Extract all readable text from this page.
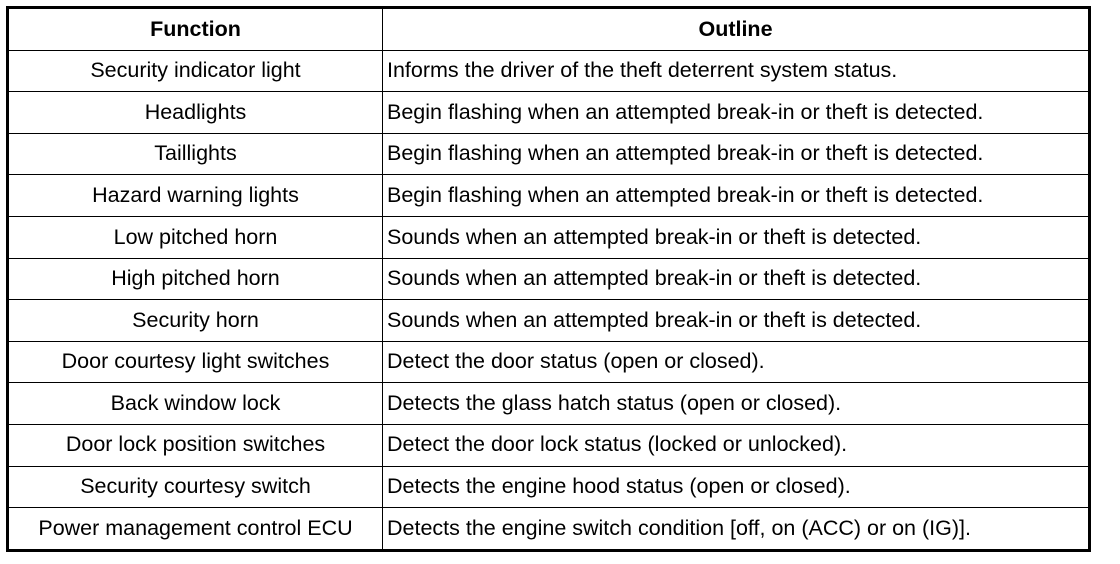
Function	Outline
Security indicator light	Informs the driver of the theft deterrent system status.
Headlights	Begin flashing when an attempted break-in or theft is detected.
Taillights	Begin flashing when an attempted break-in or theft is detected.
Hazard warning lights	Begin flashing when an attempted break-in or theft is detected.
Low pitched horn	Sounds when an attempted break-in or theft is detected.
High pitched horn	Sounds when an attempted break-in or theft is detected.
Security horn	Sounds when an attempted break-in or theft is detected.
Door courtesy light switches	Detect the door status (open or closed).
Back window lock	Detects the glass hatch status (open or closed).
Door lock position switches	Detect the door lock status (locked or unlocked).
Security courtesy switch	Detects the engine hood status (open or closed).
Power management control ECU	Detects the engine switch condition [off, on (ACC) or on (IG)].
